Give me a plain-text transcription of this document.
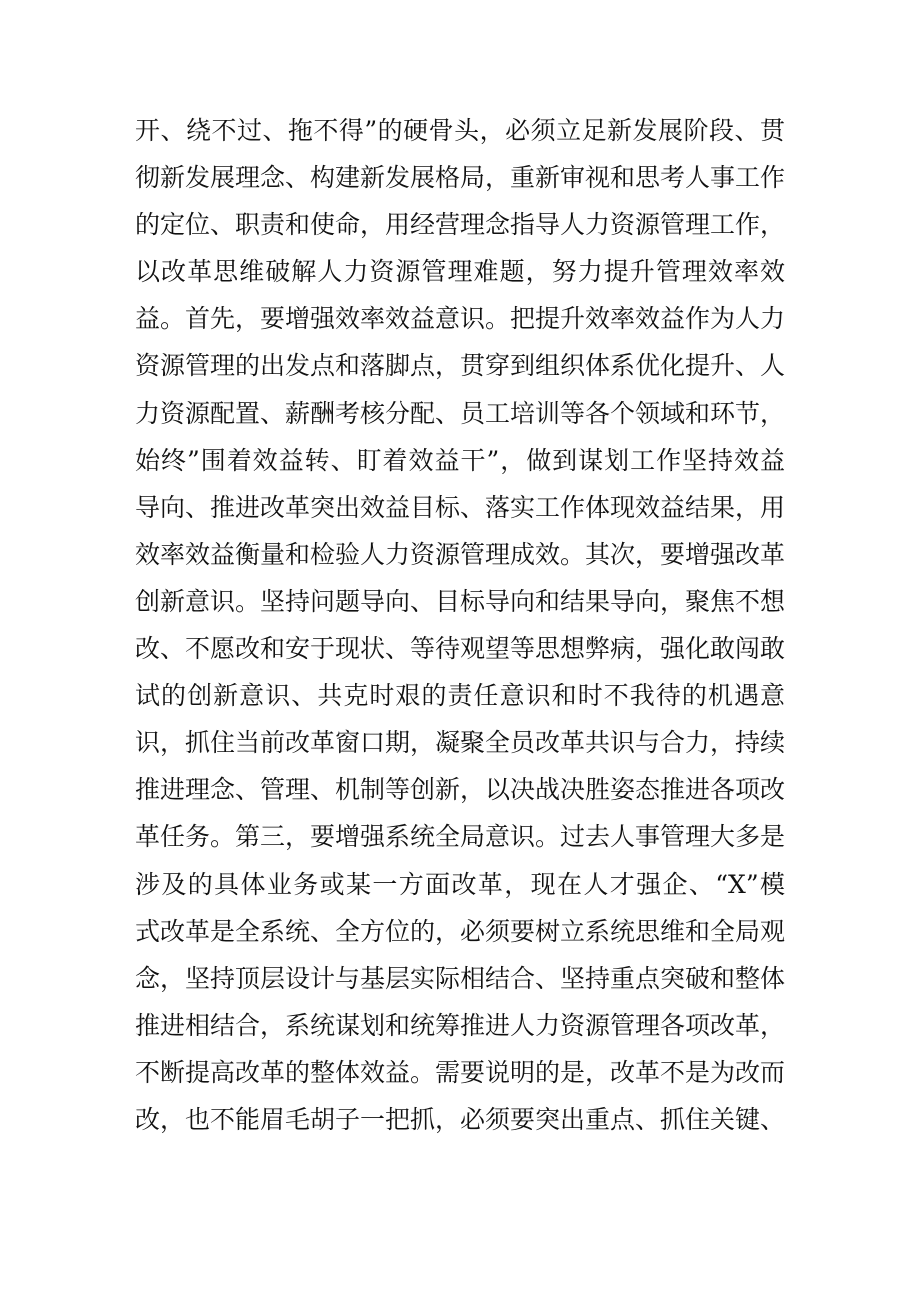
开、绕不过、拖不得”的硬骨头，必须立足新发展阶段、贯
彻新发展理念、构建新发展格局，重新审视和思考人事工作
的定位、职责和使命，用经营理念指导人力资源管理工作，
以改革思维破解人力资源管理难题，努力提升管理效率效
益。首先，要增强效率效益意识。把提升效率效益作为人力
资源管理的出发点和落脚点，贯穿到组织体系优化提升、人
力资源配置、薪酬考核分配、员工培训等各个领域和环节，
始终”围着效益转、盯着效益干”，做到谋划工作坚持效益
导向、推进改革突出效益目标、落实工作体现效益结果，用
效率效益衡量和检验人力资源管理成效。其次，要增强改革
创新意识。坚持问题导向、目标导向和结果导向，聚焦不想
改、不愿改和安于现状、等待观望等思想弊病，强化敢闯敢
试的创新意识、共克时艰的责任意识和时不我待的机遇意
识，抓住当前改革窗口期，凝聚全员改革共识与合力，持续
推进理念、管理、机制等创新，以决战决胜姿态推进各项改
革任务。第三，要增强系统全局意识。过去人事管理大多是
涉及的具体业务或某一方面改革，现在人才强企、“X”模
式改革是全系统、全方位的，必须要树立系统思维和全局观
念，坚持顶层设计与基层实际相结合、坚持重点突破和整体
推进相结合，系统谋划和统筹推进人力资源管理各项改革，
不断提高改革的整体效益。需要说明的是，改革不是为改而
改，也不能眉毛胡子一把抓，必须要突出重点、抓住关键、
